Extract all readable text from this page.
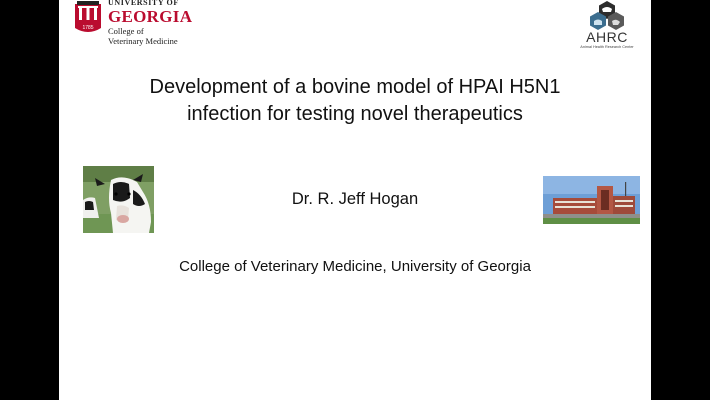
1785
UNIVERSITY OF
GEORGIA
College of
Veterinary Medicine	AHRC
Animal Health Research Center
Development of a bovine model of HPAI H5N1
infection for testing novel therapeutics
Dr. R. Jeff Hogan
College of Veterinary Medicine, University of Georgia
